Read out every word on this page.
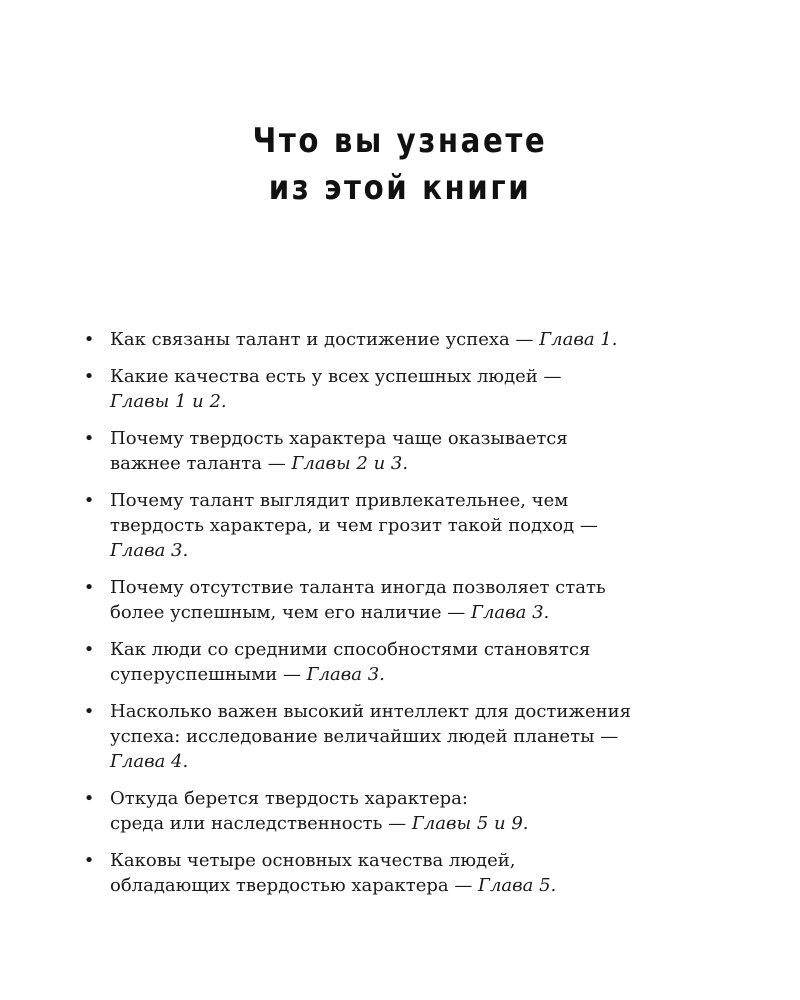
Что вы узнаете
из этой книги
• Как связаны талант и достижение успеха — Глава 1.
• Какие качества есть у всех успешных людей —
Главы 1 и 2.
• Почему твердость характера чаще оказывается
важнее таланта — Главы 2 и 3.
• Почему талант выглядит привлекательнее, чем
твердость характера, и чем грозит такой подход —
Глава 3.
• Почему отсутствие таланта иногда позволяет стать
более успешным, чем его наличие — Глава 3.
• Как люди со средними способностями становятся
суперуспешными — Глава 3.
• Насколько важен высокий интеллект для достижения
успеха: исследование величайших людей планеты —
Глава 4.
• Откуда берется твердость характера:
среда или наследственность — Главы 5 и 9.
• Каковы четыре основных качества людей,
обладающих твердостью характера — Глава 5.
